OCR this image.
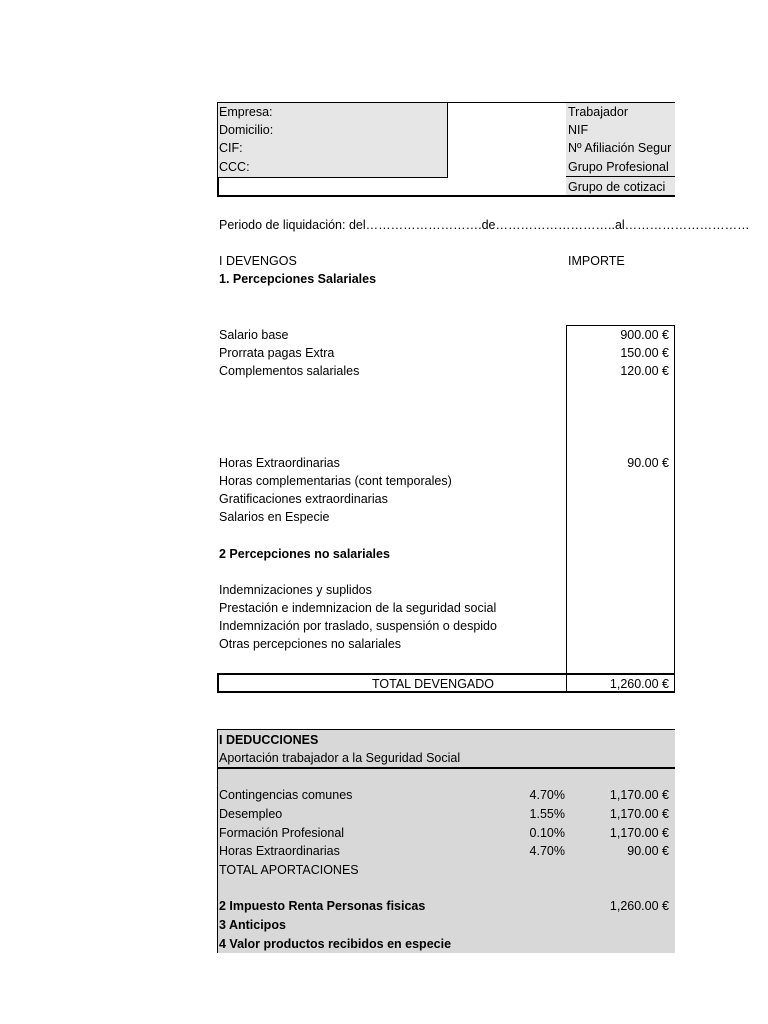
Empresa:
Domicilio:
CIF:
CCC:
Trabajador
NIF
Nº Afiliación Segur
Grupo Profesional
Grupo de cotizaci
Periodo de liquidación: del……………………….de………………………..al…………………………
I DEVENGOS	IMPORTE
1. Percepciones Salariales
Salario base	900.00 €
Prorrata pagas Extra	150.00 €
Complementos salariales	120.00 €
Horas Extraordinarias	90.00 €
Horas complementarias (cont temporales)
Gratificaciones extraordinarias
Salarios en Especie
2 Percepciones no salariales
Indemnizaciones y suplidos
Prestación e indemnizacion de la seguridad social
Indemnización por traslado, suspensión o despido
Otras percepciones no salariales
TOTAL DEVENGADO	1,260.00 €
I DEDUCCIONES
Aportación trabajador a la Seguridad Social
Contingencias comunes	4.70%	1,170.00 €
Desempleo	1.55%	1,170.00 €
Formación Profesional	0.10%	1,170.00 €
Horas Extraordinarias	4.70%	90.00 €
TOTAL APORTACIONES
2 Impuesto Renta Personas fisicas	1,260.00 €
3 Anticipos
4 Valor productos recibidos en especie
